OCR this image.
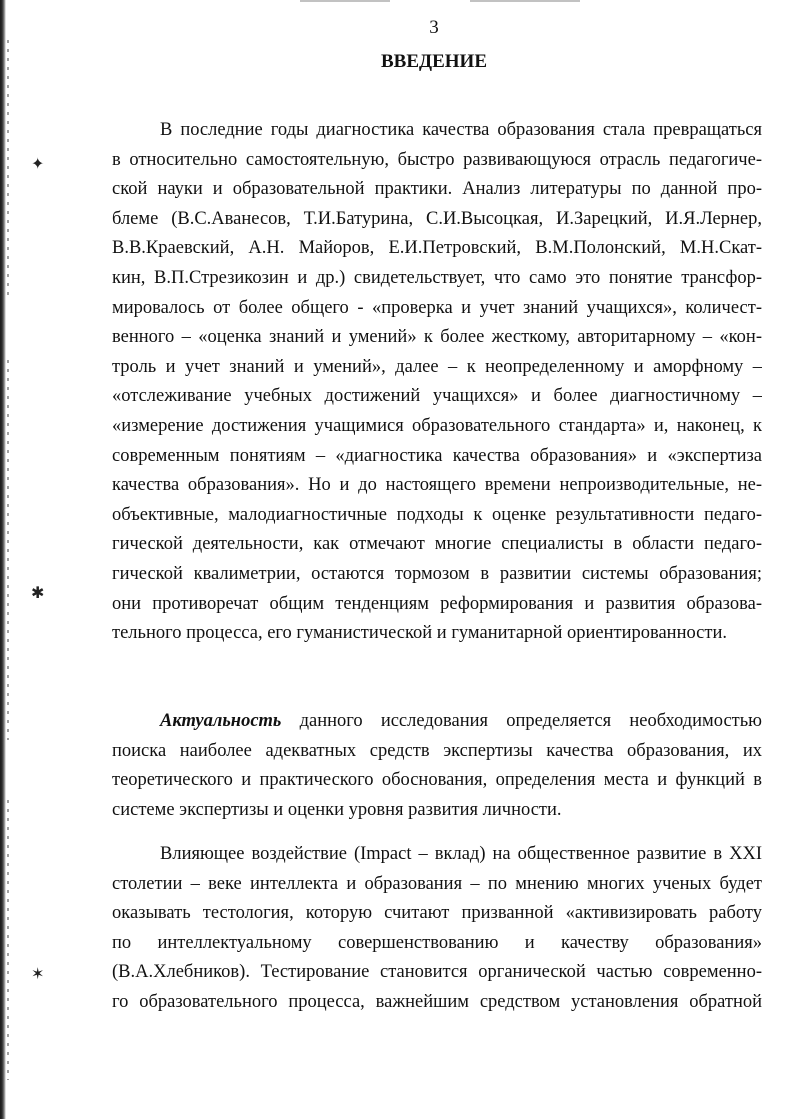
3
ВВЕДЕНИЕ
✦
✱
✶
В последние годы диагностика качества образования стала превращаться
в относительно самостоятельную, быстро развивающуюся отрасль педагогиче-
ской науки и образовательной практики. Анализ литературы по данной про-
блеме (В.С.Аванесов, Т.И.Батурина, С.И.Высоцкая, И.Зарецкий, И.Я.Лернер,
В.В.Краевский, А.Н. Майоров, Е.И.Петровский, В.М.Полонский, М.Н.Скат-
кин, В.П.Стрезикозин и др.) свидетельствует, что само это понятие трансфор-
мировалось от более общего - «проверка и учет знаний учащихся», количест-
венного – «оценка знаний и умений» к более жесткому, авторитарному – «кон-
троль и учет знаний и умений», далее – к неопределенному и аморфному –
«отслеживание учебных достижений учащихся» и более диагностичному –
«измерение достижения учащимися образовательного стандарта» и, наконец, к
современным понятиям – «диагностика качества образования» и «экспертиза
качества образования». Но и до настоящего времени непроизводительные, не-
объективные, малодиагностичные подходы к оценке результативности педаго-
гической деятельности, как отмечают многие специалисты в области педаго-
гической квалиметрии, остаются тормозом в развитии системы образования;
они противоречат общим тенденциям реформирования и развития образова-
тельного процесса, его гуманистической и гуманитарной ориентированности.
Актуальность данного исследования определяется необходимостью
поиска наиболее адекватных средств экспертизы качества образования, их
теоретического и практического обоснования, определения места и функций в
системе экспертизы и оценки уровня развития личности.
Влияющее воздействие (Impact – вклад) на общественное развитие в XXI
столетии – веке интеллекта и образования – по мнению многих ученых будет
оказывать тестология, которую считают призванной «активизировать работу
по интеллектуальному совершенствованию и качеству образования»
(В.А.Хлебников). Тестирование становится органической частью современно-
го образовательного процесса, важнейшим средством установления обратной
